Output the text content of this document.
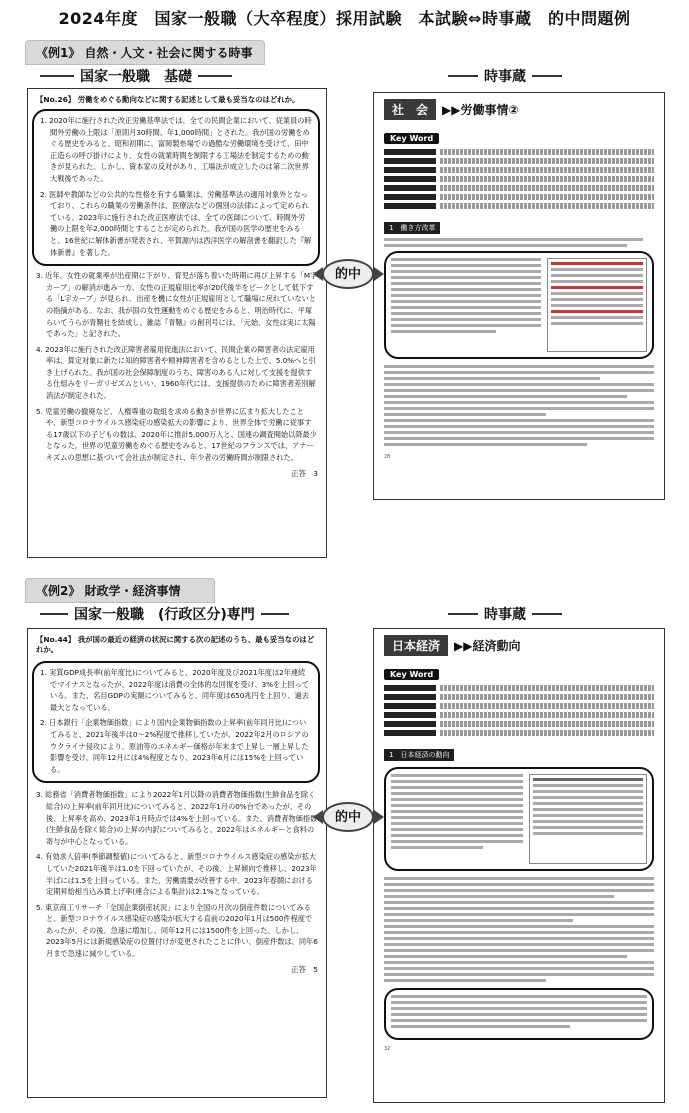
2024年度　国家一般職（大卒程度）採用試験　本試験⇔時事蔵　的中問題例
《例1》 自然・人文・社会に関する時事
国家一般職　基礎	時事蔵
【No.26】 労働をめぐる動向などに関する記述として最も妥当なのはどれか。

1. 2020年に施行された改正労働基準法では、全ての民間企業において、従業員の時間外労働の上限は「原則月30時間、年1,000時間」とされた。我が国の労働をめぐる歴史をみると、昭和初期に、富岡製糸場での過酷な労働環境を受けて、田中正造らの呼び掛けにより、女性の就業時間を制限する工場法を制定するための動きが見られた。しかし、資本家の反対があり、工場法が成立したのは第二次世界大戦後であった。

2. 医師や教師などの公共的な性格を有する職業は、労働基準法の適用対象外となっており、これらの職業の労働条件は、医療法などの個別の法律によって定められている。2023年に施行された改正医療法では、全ての医師について、時間外労働の上限を年2,000時間とすることが定められた。我が国の医学の歴史をみると、16世紀に解体新書が発表され、平賀源内は西洋医学の解剖書を翻訳した『解体新書』を著した。

3. 近年、女性の就業率が出産期に下がり、育児が落ち着いた時期に再び上昇する「M字カーブ」の解消が進み一方、女性の正規雇用比率が20代後半をピークとして低下する「L字カーブ」が見られ、出産を機に女性が正規雇用として職場に戻れていないとの指摘がある。なお、我が国の女性運動をめぐる歴史をみると、明治時代に、平塚らいてうらが青鞜社を結成し、雑誌『青鞜』の創刊号には、「元始、女性は実に太陽であった」と記された。

4. 2023年に施行された改正障害者雇用促進法において、民間企業の障害者の法定雇用率は、算定対象に新たに知的障害者や精神障害者を含めるとした上で、5.0%へと引き上げられた。我が国の社会保障制度のうち、障害のある人に対して支援を提供する仕組みをリーガリゼズムといい、1960年代には、支援提供のために障害者差別解消法が制定された。

5. 児童労働の撤廃など、人権尊重の取組を求める動きが世界に広まり拡大したことや、新型コロナウイルス感染症の感染拡大の影響により、世界全体で労働に従事する17歳以下の子どもの数は、2020年に推計5,000万人と、国連の調査開始以降最少となった。世界の児童労働をめぐる歴史をみると、17世紀のフランスでは、アナーキズムの思想に基づいて会社法が制定され、年少者の労働時間が制限された。

正答　3
社　会	▶▶労働事情②
Key Word
1　働き方改革
28
的中
《例2》 財政学・経済事情
国家一般職　(行政区分)専門	時事蔵
【No.44】 我が国の最近の経済の状況に関する次の記述のうち、最も妥当なのはどれか。

1. 実質GDP成長率(前年度比)についてみると、2020年度及び2021年度は2年連続でマイナスとなったが、2022年度は消費の全体的な回復を受け、3%を上回っている。また、名目GDPの実額についてみると、同年度は650兆円を上回り、過去最大となっている。

2. 日本銀行「企業物価指数」により国内企業物価指数の上昇率(前年同月比)についてみると、2021年後半は0～2%程度で推移していたが、2022年2月のロシアのウクライナ侵攻により、原油等のエネルギー価格が年末まで上昇し一層上昇した影響を受け、同年12月には4%程度となり、2023年6月には15%を上回っている。

3. 総務省「消費者物価指数」により2022年1月以降の消費者物価指数(生鮮食品を除く総合)の上昇率(前年同月比)についてみると、2022年1月の0%台であったが、その後、上昇率を高め、2023年1月時点では4%を上回っている。また、消費者物価指数(生鮮食品を除く総合)の上昇の内訳についてみると、2022年はエネルギーと食料の寄与が中心となっている。

4. 有効求人倍率(季節調整値)についてみると、新型コロナウイルス感染症の感染が拡大していた2021年後半は1.0を下回っていたが、その後、上昇傾向で推移し、2023年半ばには1.5を上回っている。また、労働需要が改善する中、2023年春闘における定期昇給相当込み賃上げ率(連合による集計)は2.1%となっている。

5. 東京商工リサーチ「全国企業倒産状況」により全国の月次の倒産件数についてみると、新型コロナウイルス感染症の感染が拡大する直前の2020年1月は500件程度であったが、その後、急速に増加し、同年12月には1500件を上回った。しかし、2023年5月には新規感染症の位置付けが変更されたことに伴い、倒産件数は、同年6月まで急速に減少している。

正答　5
日本経済	▶▶経済動向
Key Word
1　日本経済の動向
32
的中
